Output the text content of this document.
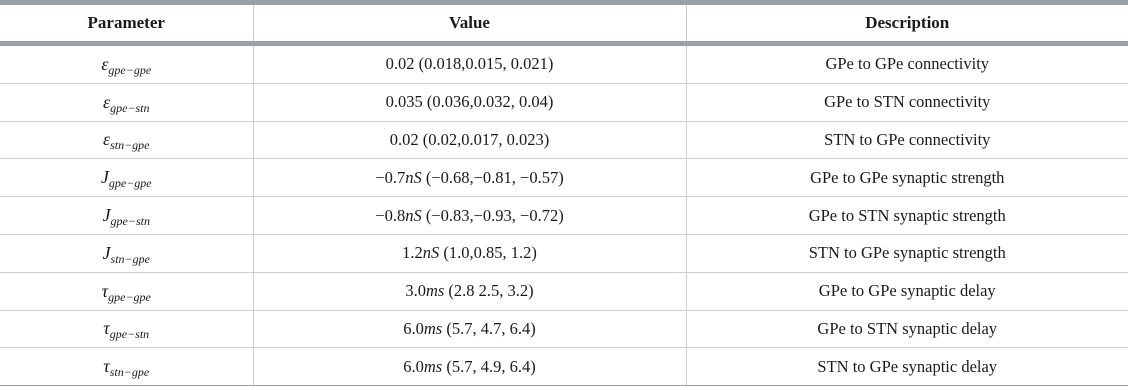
Parameter	Value	Description
$\varepsilon_{gpe-gpe}$	0.02 (0.018,0.015, 0.021)	GPe to GPe connectivity
$\varepsilon_{gpe-stn}$	0.035 (0.036,0.032, 0.04)	GPe to STN connectivity
$\varepsilon_{stn-gpe}$	0.02 (0.02,0.017, 0.023)	STN to GPe connectivity
$J_{gpe-gpe}$	−0.7nS (−0.68,−0.81, −0.57)	GPe to GPe synaptic strength
$J_{gpe-stn}$	−0.8nS (−0.83,−0.93, −0.72)	GPe to STN synaptic strength
$J_{stn-gpe}$	1.2nS (1.0,0.85, 1.2)	STN to GPe synaptic strength
$\tau_{gpe-gpe}$	3.0ms (2.8 2.5, 3.2)	GPe to GPe synaptic delay
$\tau_{gpe-stn}$	6.0ms (5.7, 4.7, 6.4)	GPe to STN synaptic delay
$\tau_{stn-gpe}$	6.0ms (5.7, 4.9, 6.4)	STN to GPe synaptic delay
